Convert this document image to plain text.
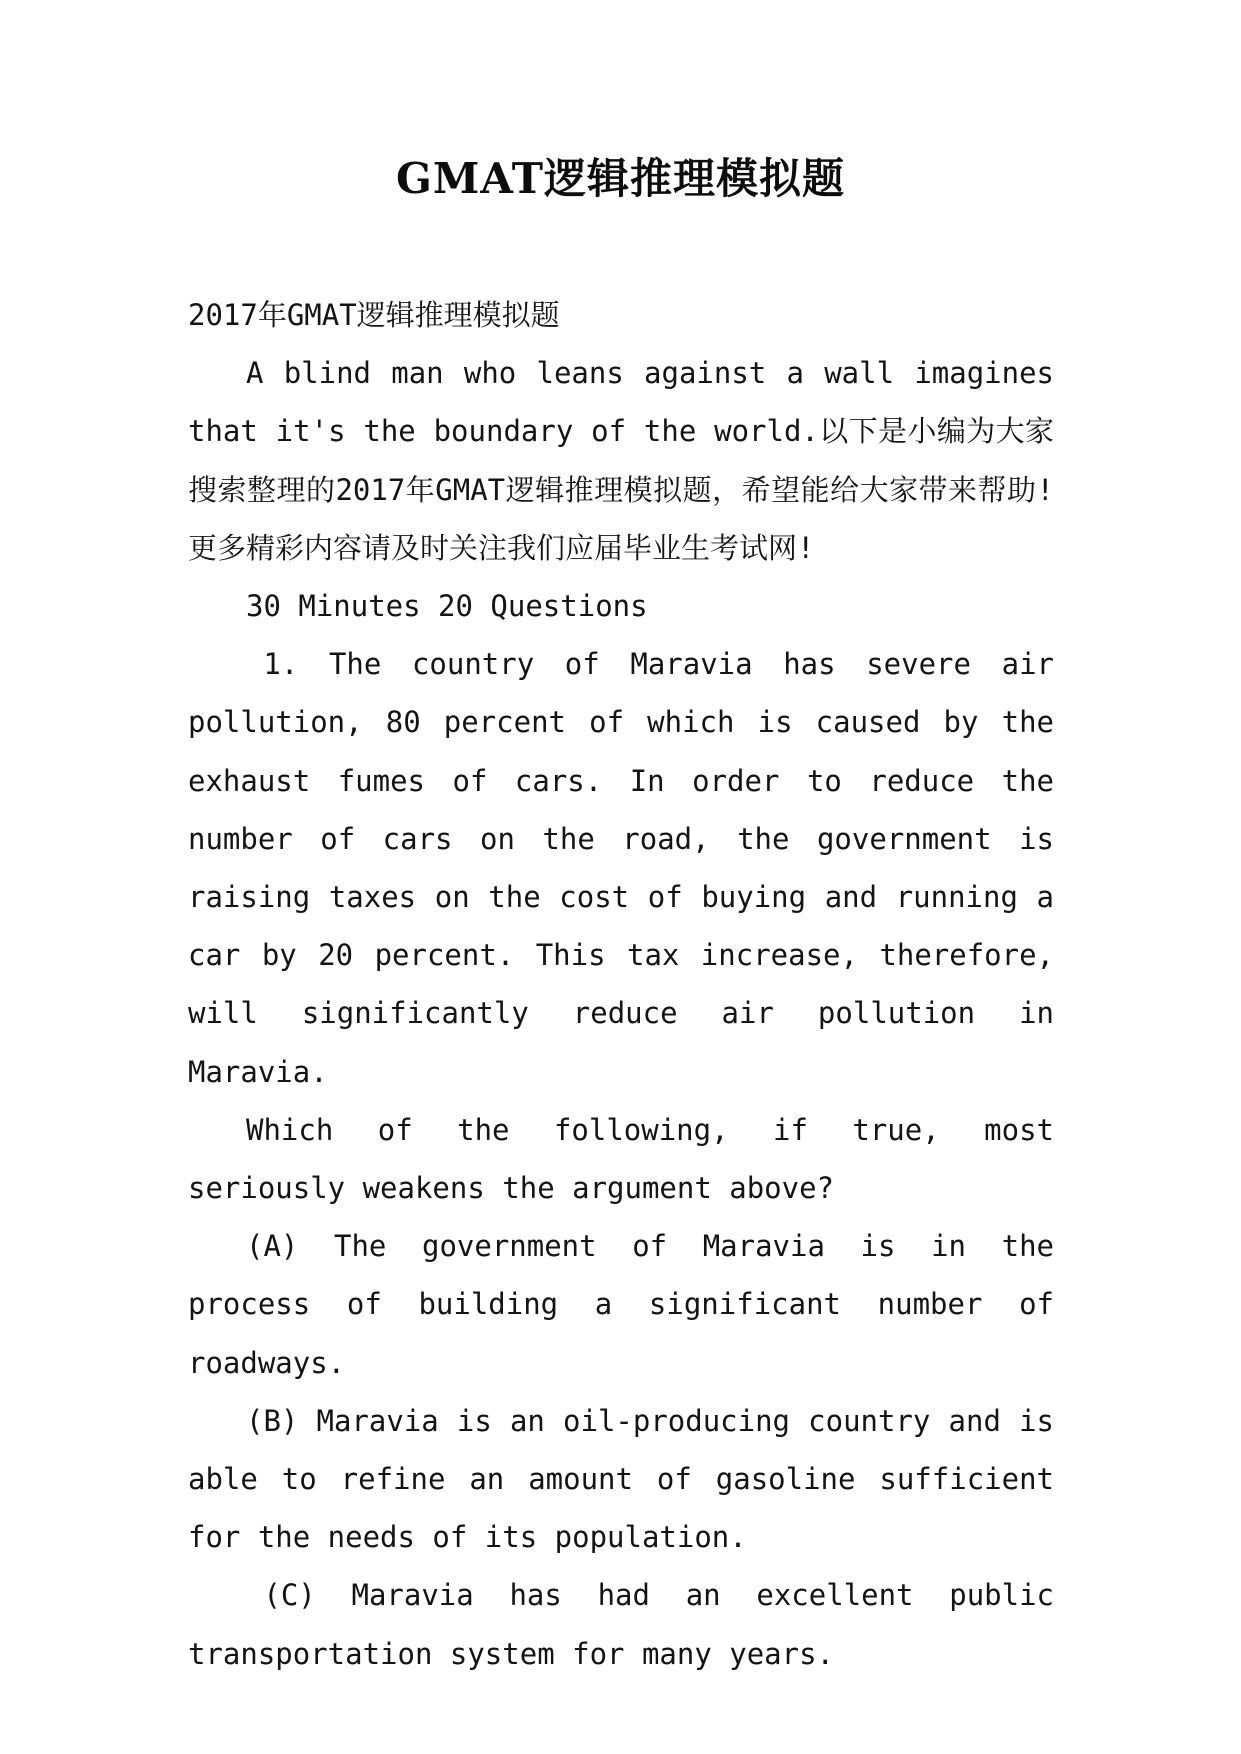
GMAT逻辑推理模拟题

2017年GMAT逻辑推理模拟题

A blind man who leans against a wall imagines that it's the boundary of the world.以下是小编为大家搜索整理的2017年GMAT逻辑推理模拟题，希望能给大家带来帮助!更多精彩内容请及时关注我们应届毕业生考试网!

30 Minutes 20 Questions

1. The country of Maravia has severe air pollution, 80 percent of which is caused by the exhaust fumes of cars. In order to reduce the number of cars on the road, the government is raising taxes on the cost of buying and running a car by 20 percent. This tax increase, therefore, will significantly reduce air pollution in Maravia.

Which of the following, if true, most seriously weakens the argument above?

(A) The government of Maravia is in the process of building a significant number of roadways.

(B) Maravia is an oil-producing country and is able to refine an amount of gasoline sufficient for the needs of its population.

(C) Maravia has had an excellent public transportation system for many years.
